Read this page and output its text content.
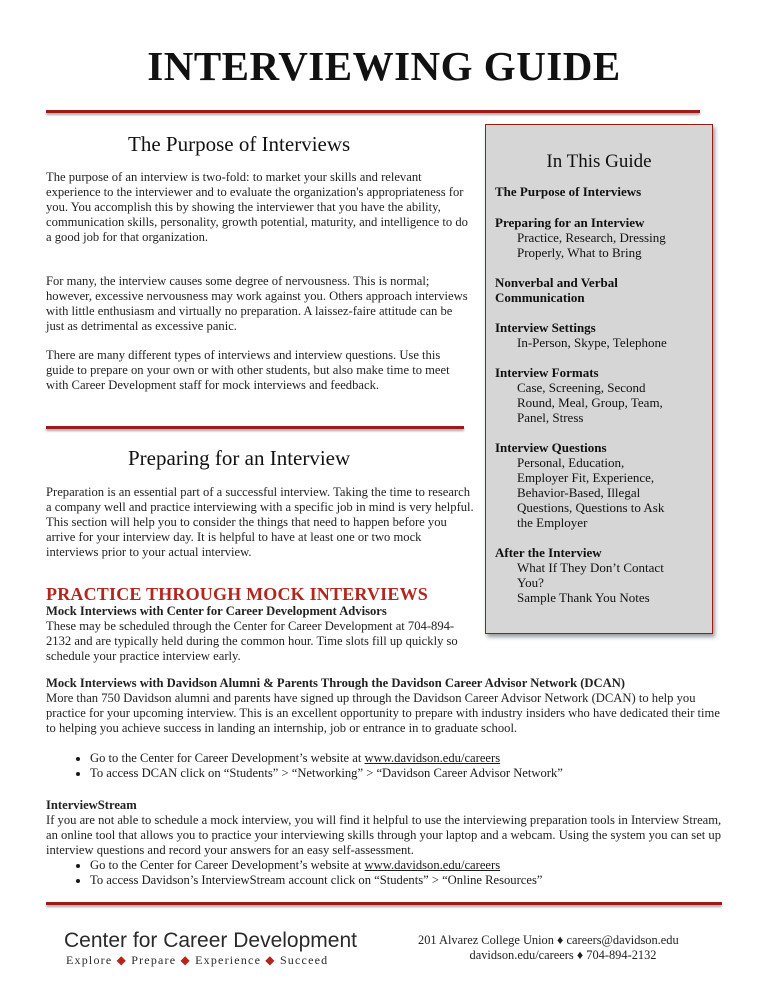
INTERVIEWING GUIDE
The Purpose of Interviews
The purpose of an interview is two-fold: to market your skills and relevant experience to the interviewer and to evaluate the organization's appropriateness for you. You accomplish this by showing the interviewer that you have the ability, communication skills, personality, growth potential, maturity, and intelligence to do a good job for that organization.
For many, the interview causes some degree of nervousness. This is normal; however, excessive nervousness may work against you. Others approach interviews with little enthusiasm and virtually no preparation. A laissez-faire attitude can be just as detrimental as excessive panic.
There are many different types of interviews and interview questions. Use this guide to prepare on your own or with other students, but also make time to meet with Career Development staff for mock interviews and feedback.
Preparing for an Interview
Preparation is an essential part of a successful interview. Taking the time to research a company well and practice interviewing with a specific job in mind is very helpful. This section will help you to consider the things that need to happen before you arrive for your interview day. It is helpful to have at least one or two mock interviews prior to your actual interview.
PRACTICE THROUGH MOCK INTERVIEWS
Mock Interviews with Center for Career Development Advisors
These may be scheduled through the Center for Career Development at 704-894-2132 and are typically held during the common hour. Time slots fill up quickly so schedule your practice interview early.
Mock Interviews with Davidson Alumni & Parents Through the Davidson Career Advisor Network (DCAN)
More than 750 Davidson alumni and parents have signed up through the Davidson Career Advisor Network (DCAN) to help you practice for your upcoming interview. This is an excellent opportunity to prepare with industry insiders who have dedicated their time to helping you achieve success in landing an internship, job or entrance in to graduate school.
• Go to the Center for Career Development’s website at www.davidson.edu/careers
• To access DCAN click on “Students” > “Networking” > “Davidson Career Advisor Network”
InterviewStream
If you are not able to schedule a mock interview, you will find it helpful to use the interviewing preparation tools in Interview Stream, an online tool that allows you to practice your interviewing skills through your laptop and a webcam. Using the system you can set up interview questions and record your answers for an easy self-assessment.
• Go to the Center for Career Development’s website at www.davidson.edu/careers
• To access Davidson’s InterviewStream account click on “Students” > “Online Resources”
In This Guide
The Purpose of Interviews
Preparing for an Interview
Practice, Research, Dressing
Properly, What to Bring
Nonverbal and Verbal
Communication
Interview Settings
In-Person, Skype, Telephone
Interview Formats
Case, Screening, Second
Round, Meal, Group, Team,
Panel, Stress
Interview Questions
Personal, Education,
Employer Fit, Experience,
Behavior-Based, Illegal
Questions, Questions to Ask
the Employer
After the Interview
What If They Don’t Contact
You?
Sample Thank You Notes
Center for Career Development
Explore ◆ Prepare ◆ Experience ◆ Succeed
201 Alvarez College Union ♦ careers@davidson.edu
davidson.edu/careers ♦ 704-894-2132
